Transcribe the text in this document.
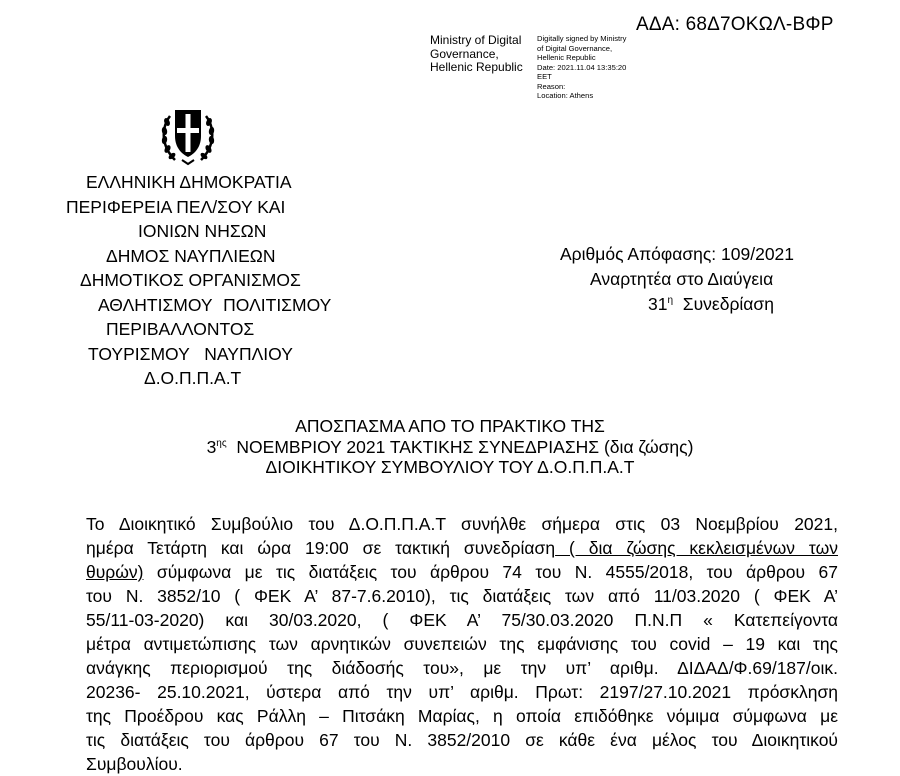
ΑΔΑ: 68Δ7ΟΚΩΛ-ΒΦΡ
Ministry of Digital
Governance,
Hellenic Republic
Digitally signed by Ministry
of Digital Governance,
Hellenic Republic
Date: 2021.11.04 13:35:20
EET
Reason:
Location: Athens
ΕΛΛΗΝΙΚΗ ΔΗΜΟΚΡΑΤΙΑ
ΠΕΡΙΦΕΡΕΙΑ ΠΕΛ/ΣΟΥ ΚΑΙ
ΙΟΝΙΩΝ ΝΗΣΩΝ
ΔΗΜΟΣ ΝΑΥΠΛΙΕΩΝ
ΔΗΜΟΤΙΚΟΣ ΟΡΓΑΝΙΣΜΟΣ
ΑΘΛΗΤΙΣΜΟΥ ΠΟΛΙΤΙΣΜΟΥ
ΠΕΡΙΒΑΛΛΟΝΤΟΣ
ΤΟΥΡΙΣΜΟΥ ΝΑΥΠΛΙΟΥ
Δ.Ο.Π.Π.Α.Τ
Αριθμός Απόφασης: 109/2021
Αναρτητέα στο Διαύγεια
$31^\eta$ Συνεδρίαση
ΑΠΟΣΠΑΣΜΑ ΑΠΟ ΤΟ ΠΡΑΚΤΙΚΟ ΤΗΣ
$3^{\eta\varsigma}$ ΝΟΕΜΒΡΙΟΥ 2021 ΤΑΚΤΙΚΗΣ ΣΥΝΕΔΡΙΑΣΗΣ (δια ζώσης)
ΔΙΟΙΚΗΤΙΚΟΥ ΣΥΜΒΟΥΛΙΟΥ ΤΟΥ Δ.Ο.Π.Π.Α.Τ
Το Διοικητικό Συμβούλιο του Δ.Ο.Π.Π.Α.Τ συνήλθε σήμερα στις 03 Νοεμβρίου 2021,
ημέρα Τετάρτη και ώρα 19:00 σε τακτική συνεδρίαση ( δια ζώσης κεκλεισμένων των
θυρών) σύμφωνα με τις διατάξεις του άρθρου 74 του Ν. 4555/2018, του άρθρου 67
του Ν. 3852/10 ( ΦΕΚ Α’ 87-7.6.2010), τις διατάξεις των από 11/03.2020 ( ΦΕΚ Α’
55/11-03-2020) και 30/03.2020, ( ΦΕΚ Α’ 75/30.03.2020 Π.Ν.Π « Κατεπείγοντα
μέτρα αντιμετώπισης των αρνητικών συνεπειών της εμφάνισης του covid – 19 και της
ανάγκης περιορισμού της διάδοσής του», με την υπ’ αριθμ. ΔΙΔΑΔ/Φ.69/187/οικ.
20236- 25.10.2021, ύστερα από την υπ’ αριθμ. Πρωτ: 2197/27.10.2021 πρόσκληση
της Προέδρου κας Ράλλη – Πιτσάκη Μαρίας, η οποία επιδόθηκε νόμιμα σύμφωνα με
τις διατάξεις του άρθρου 67 του Ν. 3852/2010 σε κάθε ένα μέλος του Διοικητικού
Συμβουλίου.
